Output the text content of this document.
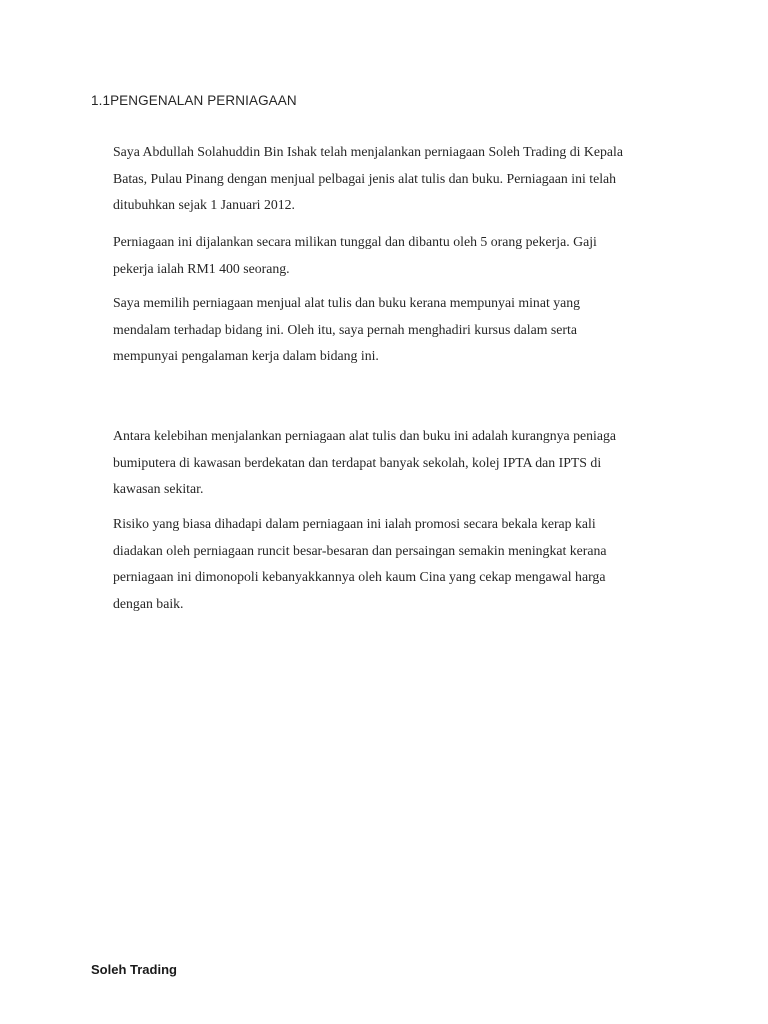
1.1PENGENALAN PERNIAGAAN

Saya Abdullah Solahuddin Bin Ishak telah menjalankan perniagaan Soleh Trading di Kepala
Batas, Pulau Pinang dengan menjual pelbagai jenis alat tulis dan buku. Perniagaan ini telah
ditubuhkan sejak 1 Januari 2012.

Perniagaan ini dijalankan secara milikan tunggal dan dibantu oleh 5 orang pekerja. Gaji
pekerja ialah RM1 400 seorang.

Saya memilih perniagaan menjual alat tulis dan buku kerana mempunyai minat yang
mendalam terhadap bidang ini. Oleh itu, saya pernah menghadiri kursus dalam serta
mempunyai pengalaman kerja dalam bidang ini.

Antara kelebihan menjalankan perniagaan alat tulis dan buku ini adalah kurangnya peniaga
bumiputera di kawasan berdekatan dan terdapat banyak sekolah, kolej IPTA dan IPTS di
kawasan sekitar.

Risiko yang biasa dihadapi dalam perniagaan ini ialah promosi secara bekala kerap kali
diadakan oleh perniagaan runcit besar-besaran dan persaingan semakin meningkat kerana
perniagaan ini dimonopoli kebanyakkannya oleh kaum Cina yang cekap mengawal harga
dengan baik.

Soleh Trading
